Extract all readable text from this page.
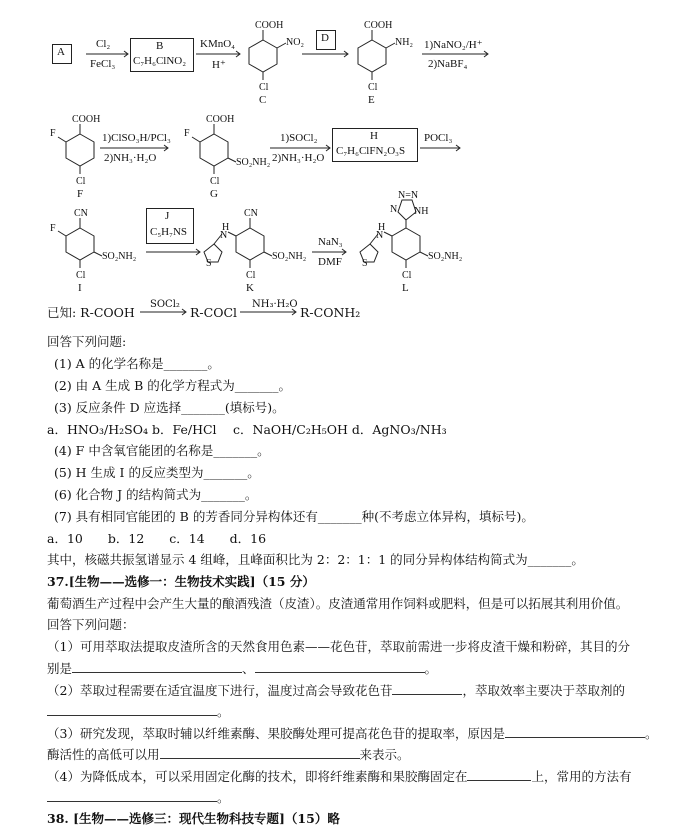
COOH
NO₂
Cl
COOH
NH₂
Cl
COOH
F
Cl
COOH
F
Cl
SO₂NH₂
CN
F
Cl
SO₂NH₂
CN
H
N
S
Cl
SO₂NH₂
N=N
NH
N
H
N
S
Cl
SO₂NH₂
A
Cl₂
FeCl₃
B
C₇H₆ClNO₂
KMnO₄
H⁺
C
D
E
1)NaNO₂/H⁺
2)NaBF₄
F
1)ClSO₃H/PCl₃
2)NH₃·H₂O
G
1)SOCl₂
2)NH₃·H₂O
H
C₇H₆ClFN₂O₃S
POCl₃
I
J
C₅H₇NS
K
NaN₃
DMF
L
已知: R-COOH
SOCl₂
R-COCl
NH₃·H₂O
R-CONH₂
回答下列问题:
(1) A 的化学名称是_______。
(2) 由 A 生成 B 的化学方程式为_______。
(3) 反应条件 D 应选择_______(填标号)。
a．HNO₃/H₂SO₄ b．Fe/HCl　 c．NaOH/C₂H₅OH d．AgNO₃/NH₃
(4) F 中含氧官能团的名称是_______。
(5) H 生成 I 的反应类型为_______。
(6) 化合物 J 的结构简式为_______。
(7) 具有相同官能团的 B 的芳香同分异构体还有_______种(不考虑立体异构，填标号)。
a．10　　b．12　　c．14　　d．16
其中，核磁共振氢谱显示 4 组峰，且峰面积比为 2：2：1：1 的同分异构体结构简式为_______。
37.[生物——选修一：生物技术实践]（15 分）
葡萄酒生产过程中会产生大量的酿酒残渣（皮渣）。皮渣通常用作饲料或肥料，但是可以拓展其利用价值。
回答下列问题：
（1）可用萃取法提取皮渣所含的天然食用色素——花色苷，萃取前需进一步将皮渣干燥和粉碎，其目的分
别是	、	。
（2）萃取过程需要在适宜温度下进行，温度过高会导致花色苷	，萃取效率主要决于萃取剂的
。
（3）研究发现，萃取时辅以纤维素酶、果胶酶处理可提高花色苷的提取率，原因是	。
酶活性的高低可以用	来表示。
（4）为降低成本，可以采用固定化酶的技术，即将纤维素酶和果胶酶固定在	上，常用的方法有
。
38. [生物——选修三：现代生物科技专题]（15）略
